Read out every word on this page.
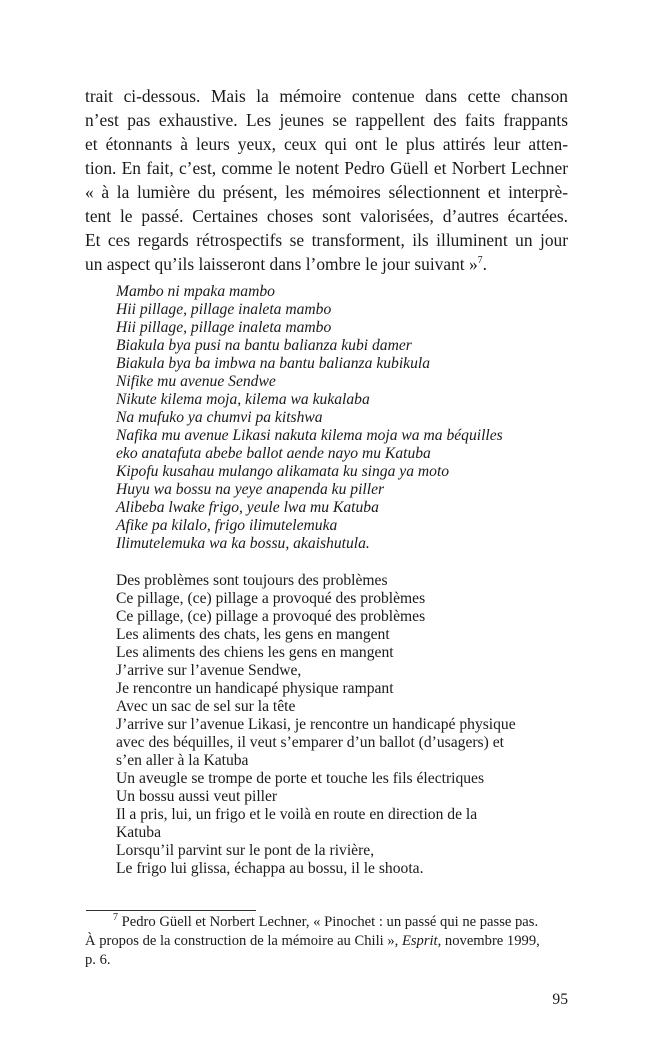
trait ci-dessous. Mais la mémoire contenue dans cette chanson
n’est pas exhaustive. Les jeunes se rappellent des faits frappants
et étonnants à leurs yeux, ceux qui ont le plus attirés leur atten-
tion. En fait, c’est, comme le notent Pedro Güell et Norbert Lechner
« à la lumière du présent, les mémoires sélectionnent et interprè-
tent le passé. Certaines choses sont valorisées, d’autres écartées.
Et ces regards rétrospectifs se transforment, ils illuminent un jour
un aspect qu’ils laisseront dans l’ombre le jour suivant »$^7$.
Mambo ni mpaka mambo
Hii pillage, pillage inaleta mambo
Hii pillage, pillage inaleta mambo
Biakula bya pusi na bantu balianza kubi damer
Biakula bya ba imbwa na bantu balianza kubikula
Nifike mu avenue Sendwe
Nikute kilema moja, kilema wa kukalaba
Na mufuko ya chumvi pa kitshwa
Nafika mu avenue Likasi nakuta kilema moja wa ma béquilles
eko anatafuta abebe ballot aende nayo mu Katuba
Kipofu kusahau mulango alikamata ku singa ya moto
Huyu wa bossu na yeye anapenda ku piller
Alibeba lwake frigo, yeule lwa mu Katuba
Afike pa kilalo, frigo ilimutelemuka
Ilimutelemuka wa ka bossu, akaishutula.
Des problèmes sont toujours des problèmes
Ce pillage, (ce) pillage a provoqué des problèmes
Ce pillage, (ce) pillage a provoqué des problèmes
Les aliments des chats, les gens en mangent
Les aliments des chiens les gens en mangent
J’arrive sur l’avenue Sendwe,
Je rencontre un handicapé physique rampant
Avec un sac de sel sur la tête
J’arrive sur l’avenue Likasi, je rencontre un handicapé physique
avec des béquilles, il veut s’emparer d’un ballot (d’usagers) et
s’en aller à la Katuba
Un aveugle se trompe de porte et touche les fils électriques
Un bossu aussi veut piller
Il a pris, lui, un frigo et le voilà en route en direction de la
Katuba
Lorsqu’il parvint sur le pont de la rivière,
Le frigo lui glissa, échappa au bossu, il le shoota.
$^7$ Pedro Güell et Norbert Lechner, « Pinochet : un passé qui ne passe pas.
À propos de la construction de la mémoire au Chili », Esprit, novembre 1999,
p. 6.
95
